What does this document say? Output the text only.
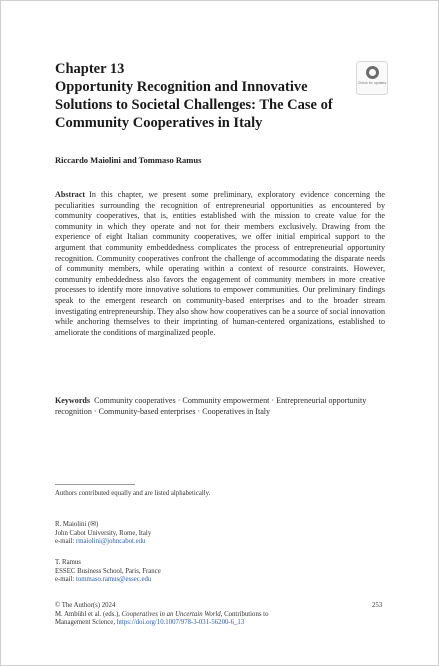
Chapter 13
Opportunity Recognition and Innovative Solutions to Societal Challenges: The Case of Community Cooperatives in Italy
Check for updates
Riccardo Maiolini and Tommaso Ramus
Abstract In this chapter, we present some preliminary, exploratory evidence concerning the peculiarities surrounding the recognition of entrepreneurial opportunities as encountered by community cooperatives, that is, entities established with the mission to create value for the community in which they operate and not for their members exclusively. Drawing from the experience of eight Italian community cooperatives, we offer initial empirical support to the argument that community embeddedness complicates the process of entrepreneurial opportunity recognition. Community cooperatives confront the challenge of accommodating the disparate needs of community members, while operating within a context of resource constraints. However, community embeddedness also favors the engagement of community members in more creative processes to identify more innovative solutions to empower communities. Our preliminary findings speak to the emergent research on community-based enterprises and to the broader stream investigating entrepreneurship. They also show how cooperatives can be a source of social innovation while anchoring themselves to their imprinting of human-centered organizations, established to ameliorate the conditions of marginalized people.
Keywords Community cooperatives · Community empowerment · Entrepreneurial opportunity recognition · Community-based enterprises · Cooperatives in Italy
Authors contributed equally and are listed alphabetically.
R. Maiolini (✉)
John Cabot University, Rome, Italy
e-mail: rmaiolini@johncabot.edu
T. Ramus
ESSEC Business School, Paris, France
e-mail: tommaso.ramus@essec.edu
© The Author(s) 2024
M. Ambühl et al. (eds.), Cooperatives in an Uncertain World, Contributions to
Management Science, https://doi.org/10.1007/978-3-031-56200-6_13
253
